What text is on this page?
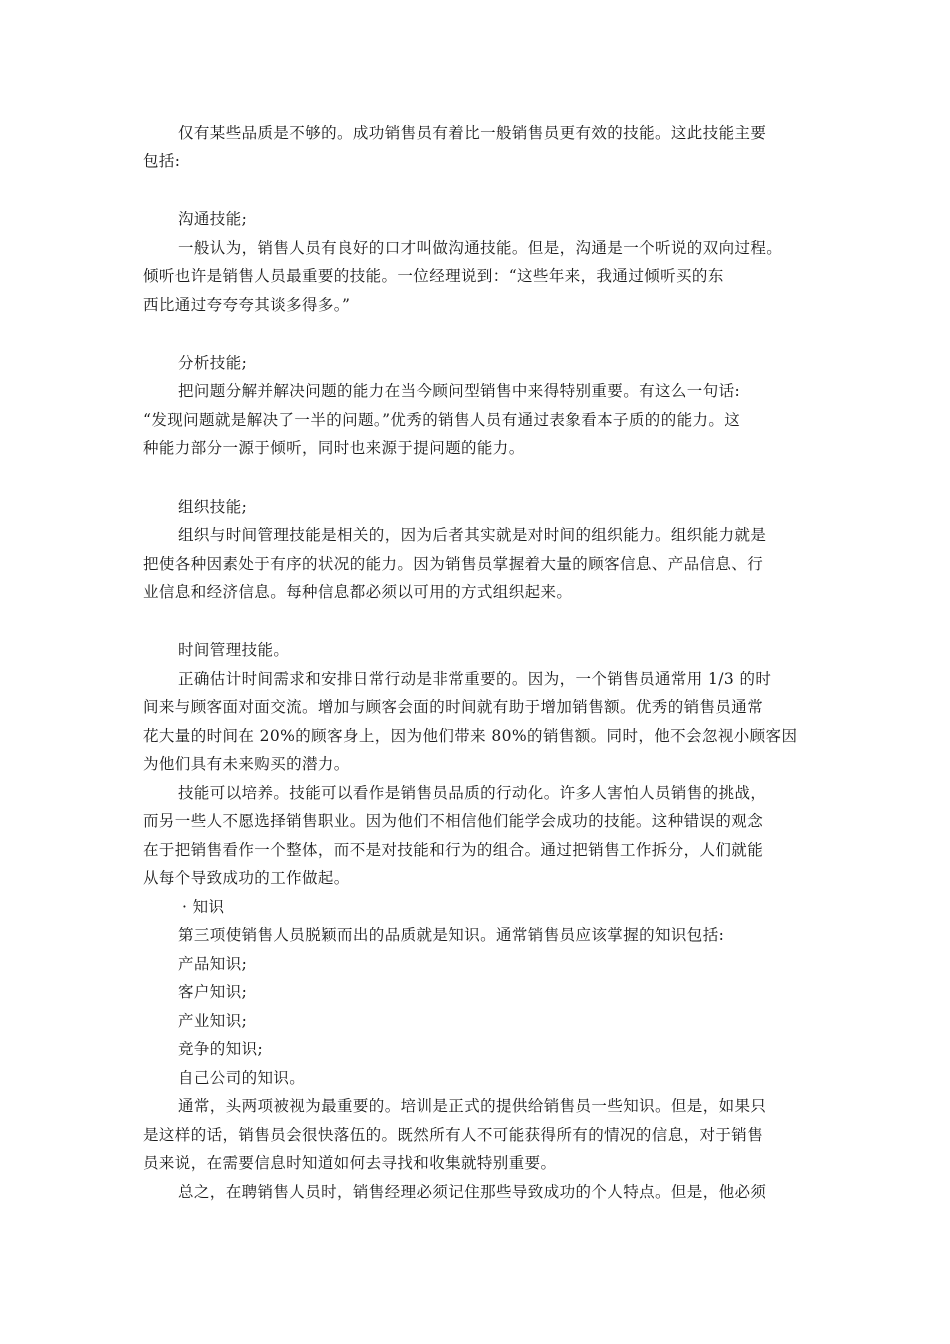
仅有某些品质是不够的。成功销售员有着比一般销售员更有效的技能。这此技能主要
包括:
沟通技能;
一般认为，销售人员有良好的口才叫做沟通技能。但是，沟通是一个听说的双向过程。
倾听也许是销售人员最重要的技能。一位经理说到：“这些年来，我通过倾听买的东
西比通过夸夸夸其谈多得多。”
分析技能;
把问题分解并解决问题的能力在当今顾问型销售中来得特别重要。有这么一句话:
“发现问题就是解决了一半的问题。”优秀的销售人员有通过表象看本子质的的能力。这
种能力部分一源于倾听，同时也来源于提问题的能力。
组织技能;
组织与时间管理技能是相关的，因为后者其实就是对时间的组织能力。组织能力就是
把使各种因素处于有序的状况的能力。因为销售员掌握着大量的顾客信息、产品信息、行
业信息和经济信息。每种信息都必须以可用的方式组织起来。
时间管理技能。
正确估计时间需求和安排日常行动是非常重要的。因为，一个销售员通常用 1/3 的时
间来与顾客面对面交流。增加与顾客会面的时间就有助于增加销售额。优秀的销售员通常
花大量的时间在 20%的顾客身上，因为他们带来 80%的销售额。同时，他不会忽视小顾客因
为他们具有未来购买的潜力。
技能可以培养。技能可以看作是销售员品质的行动化。许多人害怕人员销售的挑战，
而另一些人不愿选择销售职业。因为他们不相信他们能学会成功的技能。这种错误的观念
在于把销售看作一个整体，而不是对技能和行为的组合。通过把销售工作拆分，人们就能
从每个导致成功的工作做起。
· 知识
第三项使销售人员脱颖而出的品质就是知识。通常销售员应该掌握的知识包括:
产品知识;
客户知识;
产业知识;
竞争的知识;
自己公司的知识。
通常，头两项被视为最重要的。培训是正式的提供给销售员一些知识。但是，如果只
是这样的话，销售员会很快落伍的。既然所有人不可能获得所有的情况的信息，对于销售
员来说，在需要信息时知道如何去寻找和收集就特别重要。
总之，在聘销售人员时，销售经理必须记住那些导致成功的个人特点。但是，他必须
